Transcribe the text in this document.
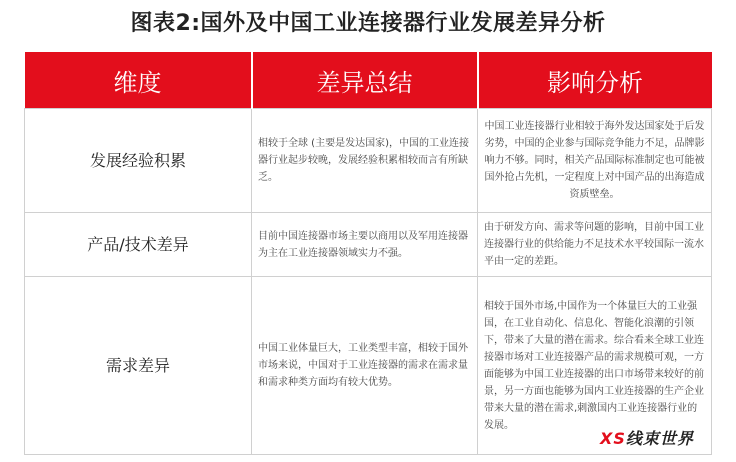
图表2:国外及中国工业连接器行业发展差异分析
维度	差异总结	影响分析
发展经验积累	相较于全球 (主要是发达国家)，中国的工业连接器行业起步较晚，发展经验积累相较而言有所缺乏。	中国工业连接器行业相较于海外发达国家处于后发劣势，中国的企业参与国际竞争能力不足，品牌影响力不够。同时，相关产品国际标准制定也可能被国外抢占先机，一定程度上对中国产品的出海造成资质壁垒。
产品/技术差异	目前中国连接器市场主要以商用以及军用连接器为主在工业连接器领域实力不强。	由于研发方向、需求等问题的影响，目前中国工业连接器行业的供给能力不足技术水平较国际一流水平由一定的差距。
需求差异	中国工业体量巨大，工业类型丰富，相较于国外市场来说，中国对于工业连接器的需求在需求量和需求种类方面均有较大优势。	相较于国外市场,中国作为一个体量巨大的工业强国，在工业自动化、信息化、智能化浪潮的引领下，带来了大量的潜在需求。综合看来全球工业连接器市场对工业连接器产品的需求规模可观，一方面能够为中国工业连接器的出口市场带来较好的前景，另一方面也能够为国内工业连接器的生产企业带来大量的潜在需求,刺激国内工业连接器行业的发展。
XS线束世界
